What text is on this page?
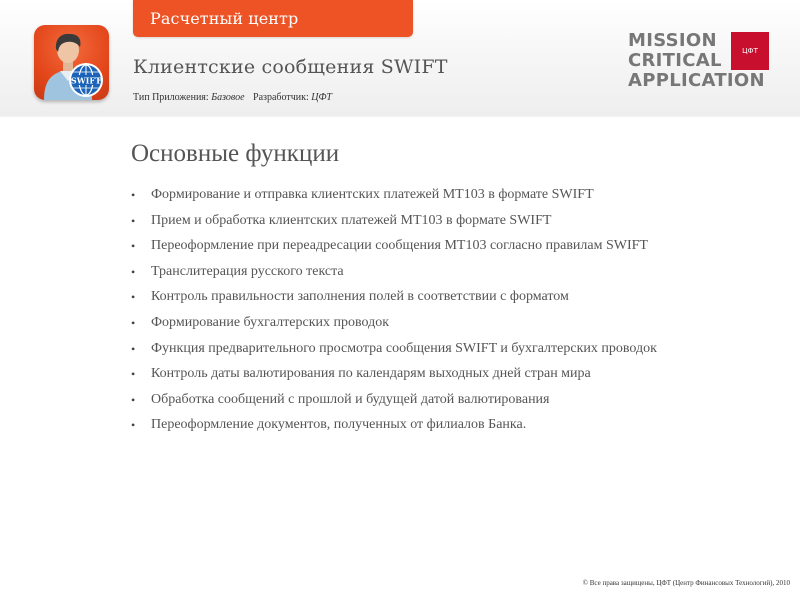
Расчетный центр
SWIFT
Клиентские сообщения SWIFT
Тип Приложения: Базовое Разработчик: ЦФТ
MISSION
CRITICAL
APPLICATION
ЦФТ
Основные функции
• Формирование и отправка клиентских платежей МТ103 в формате SWIFT
• Прием и обработка клиентских платежей МТ103 в формате SWIFT
• Переоформление при переадресации сообщения МТ103 согласно правилам SWIFT
• Транслитерация русского текста
• Контроль правильности заполнения полей в соответствии с форматом
• Формирование бухгалтерских проводок
• Функция предварительного просмотра сообщения SWIFT и бухгалтерских проводок
• Контроль даты валютирования по календарям выходных дней стран мира
• Обработка сообщений с прошлой и будущей датой валютирования
• Переоформление документов, полученных от филиалов Банка.
© Все права защищены, ЦФТ (Центр Финансовых Технологий), 2010
